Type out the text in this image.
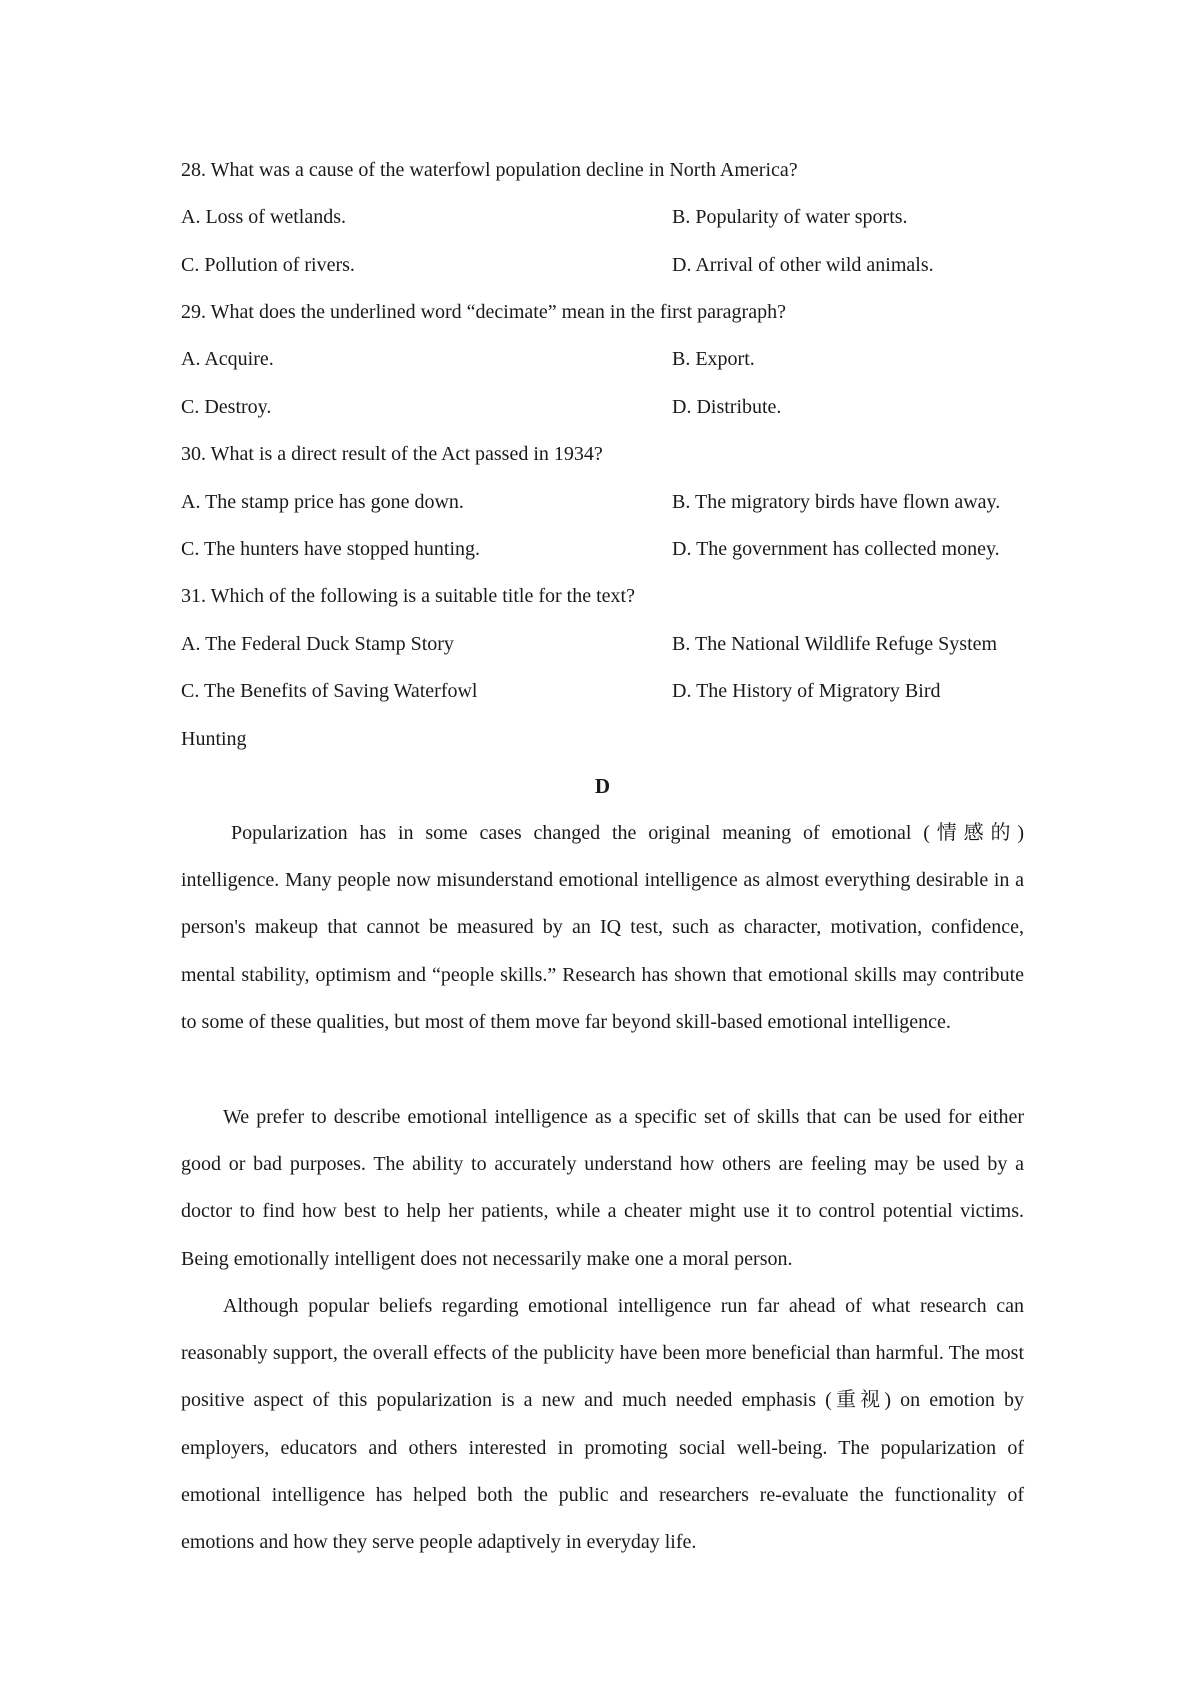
28. What was a cause of the waterfowl population decline in North America?
A. Loss of wetlands.	B. Popularity of water sports.
C. Pollution of rivers.	D. Arrival of other wild animals.
29. What does the underlined word “decimate” mean in the first paragraph?
A. Acquire.	B. Export.
C. Destroy.	D. Distribute.
30. What is a direct result of the Act passed in 1934?
A. The stamp price has gone down.	B. The migratory birds have flown away.
C. The hunters have stopped hunting.	D. The government has collected money.
31. Which of the following is a suitable title for the text?
A. The Federal Duck Stamp Story	B. The National Wildlife Refuge System
C. The Benefits of Saving Waterfowl	D. The History of Migratory Bird
Hunting
D

Popularization has in some cases changed the original meaning of emotional (情感的) intelligence. Many people now misunderstand emotional intelligence as almost everything desirable in a person's makeup that cannot be measured by an IQ test, such as character, motivation, confidence, mental stability, optimism and “people skills.” Research has shown that emotional skills may contribute to some of these qualities, but most of them move far beyond skill-based emotional intelligence.

We prefer to describe emotional intelligence as a specific set of skills that can be used for either good or bad purposes. The ability to accurately understand how others are feeling may be used by a doctor to find how best to help her patients, while a cheater might use it to control potential victims. Being emotionally intelligent does not necessarily make one a moral person.

Although popular beliefs regarding emotional intelligence run far ahead of what research can reasonably support, the overall effects of the publicity have been more beneficial than harmful. The most positive aspect of this popularization is a new and much needed emphasis (重视) on emotion by employers, educators and others interested in promoting social well-being. The popularization of emotional intelligence has helped both the public and researchers re-evaluate the functionality of emotions and how they serve people adaptively in everyday life.
